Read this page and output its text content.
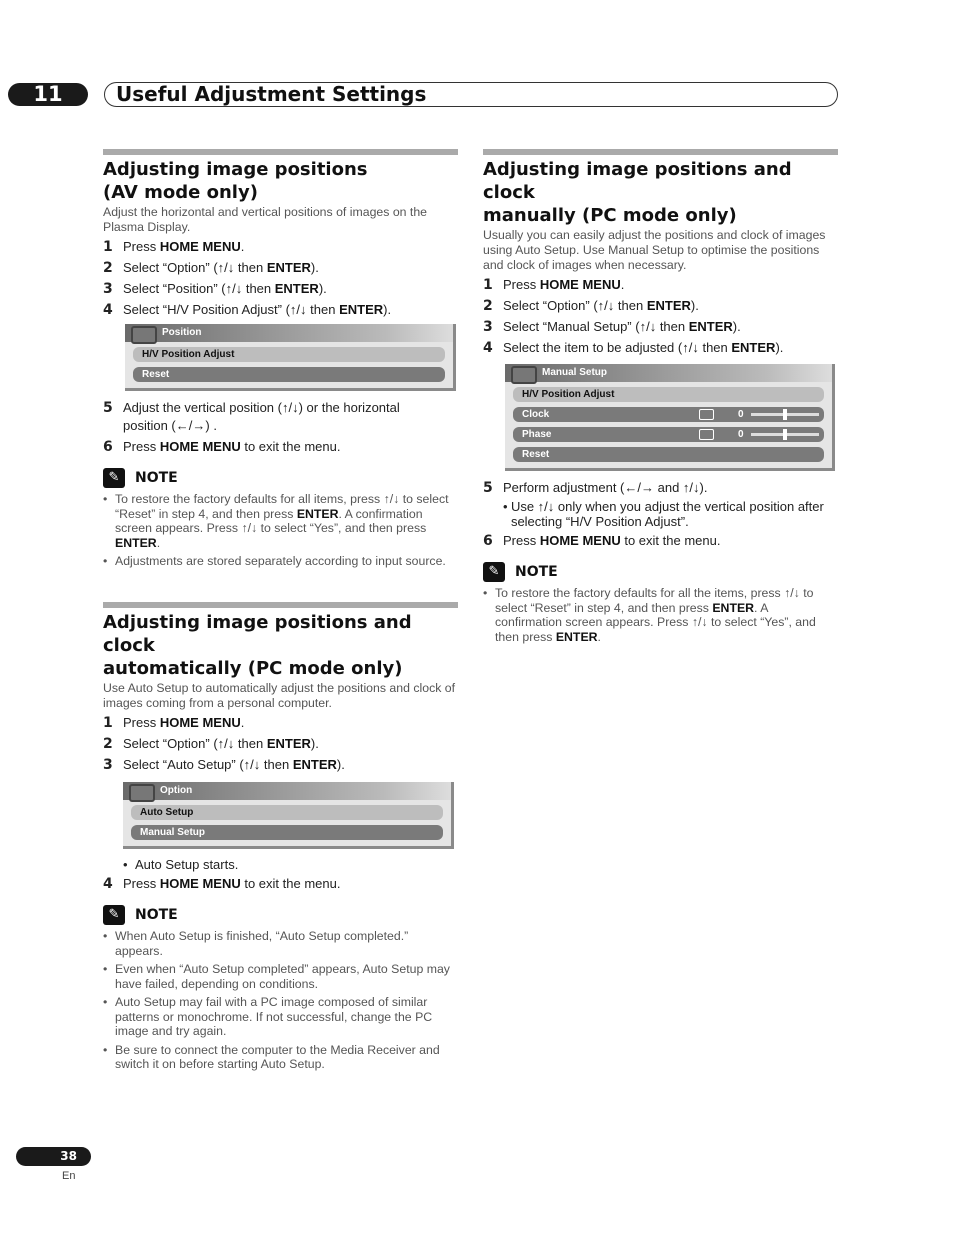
11	Useful Adjustment Settings
Adjusting image positions
(AV mode only)

Adjust the horizontal and vertical positions of images on the Plasma Display.

1 Press HOME MENU.
2 Select “Option” (↑/↓ then ENTER).
3 Select “Position” (↑/↓ then ENTER).
4 Select “H/V Position Adjust” (↑/↓ then ENTER).
Position
H/V Position Adjust
Reset
5 Adjust the vertical position (↑/↓) or the horizontal
position (←/→) .
6 Press HOME MENU to exit the menu.
✎	NOTE
• To restore the factory defaults for all items, press ↑/↓ to select “Reset” in step 4, and then press ENTER. A confirmation screen appears. Press ↑/↓ to select “Yes”, and then press ENTER.
• Adjustments are stored separately according to input source.
Adjusting image positions and clock
automatically (PC mode only)

Use Auto Setup to automatically adjust the positions and clock of images coming from a personal computer.

1 Press HOME MENU.
2 Select “Option” (↑/↓ then ENTER).
3 Select “Auto Setup” (↑/↓ then ENTER).
Option
Auto Setup
Manual Setup
• Auto Setup starts.
4 Press HOME MENU to exit the menu.
✎	NOTE
• When Auto Setup is finished, “Auto Setup completed.” appears.
• Even when “Auto Setup completed” appears, Auto Setup may have failed, depending on conditions.
• Auto Setup may fail with a PC image composed of similar patterns or monochrome. If not successful, change the PC image and try again.
• Be sure to connect the computer to the Media Receiver and switch it on before starting Auto Setup.
Adjusting image positions and clock
manually (PC mode only)

Usually you can easily adjust the positions and clock of images using Auto Setup. Use Manual Setup to optimise the positions and clock of images when necessary.

1 Press HOME MENU.
2 Select “Option” (↑/↓ then ENTER).
3 Select “Manual Setup” (↑/↓ then ENTER).
4 Select the item to be adjusted (↑/↓ then ENTER).
Manual Setup
H/V Position Adjust
Clock	0
Phase	0
Reset
5 Perform adjustment (←/→ and ↑/↓).
• Use ↑/↓ only when you adjust the vertical position after selecting “H/V Position Adjust”.
6 Press HOME MENU to exit the menu.
✎	NOTE
• To restore the factory defaults for all the items, press ↑/↓ to select “Reset” in step 4, and then press ENTER. A confirmation screen appears. Press ↑/↓ to select “Yes”, and then press ENTER.
38
En
